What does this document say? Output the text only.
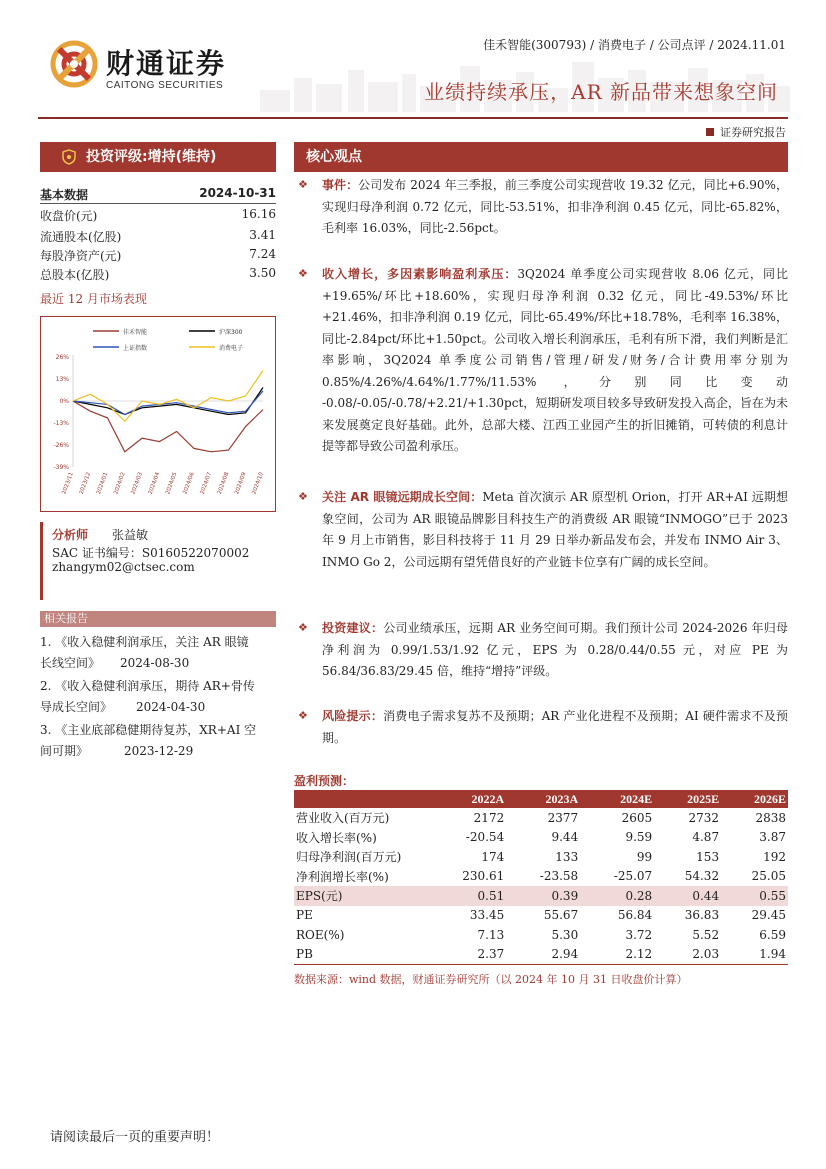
财通证券
CAITONG SECURITIES
佳禾智能(300793) / 消费电子 / 公司点评 / 2024.11.01
业绩持续承压，AR 新品带来想象空间
证券研究报告
投资评级:增持(维持)
基本数据	2024-10-31
收盘价(元)	16.16
流通股本(亿股)	3.41
每股净资产(元)	7.24
总股本(亿股)	3.50
最近 12 月市场表现
佳禾智能	沪深300
上证指数	消费电子
26%
13%
0%
-13%
-26%
-39%
2023/11 2023/12 2024/01 2024/02 2024/03 2024/04 2024/05 2024/06 2024/07 2024/08 2024/09 2024/10
分析师 张益敏
SAC 证书编号：S0160522070002
zhangym02@ctsec.com
相关报告
1. 《收入稳健利润承压，关注 AR 眼镜
长线空间》 2024-08-30
2. 《收入稳健利润承压，期待 AR+骨传
导成长空间》 2024-04-30
3. 《主业底部稳健期待复苏，XR+AI 空
间可期》	2023-12-29
核心观点
❖ 事件：公司发布 2024 年三季报，前三季度公司实现营收 19.32 亿元，同比+6.90%，实现归母净利润 0.72 亿元，同比-53.51%，扣非净利润 0.45 亿元，同比-65.82%，毛利率 16.03%，同比-2.56pct。
❖ 收入增长，多因素影响盈利承压：3Q2024 单季度公司实现营收 8.06 亿元，同比+19.65%/环比+18.60%，实现归母净利润 0.32 亿元，同比-49.53%/环比+21.46%，扣非净利润 0.19 亿元，同比-65.49%/环比+18.78%，毛利率 16.38%，同比-2.84pct/环比+1.50pct。公司收入增长利润承压，毛利有所下滑，我们判断是汇率影响，3Q2024 单季度公司销售/管理/研发/财务/合计费用率分别为 0.85%/4.26%/4.64%/1.77%/11.53% ，分别同比变动 -0.08/-0.05/-0.78/+2.21/+1.30pct，短期研发项目较多导致研发投入高企，旨在为未来发展奠定良好基础。此外，总部大楼、江西工业园产生的折旧摊销，可转债的利息计提等都导致公司盈利承压。
❖ 关注 AR 眼镜远期成长空间：Meta 首次演示 AR 原型机 Orion，打开 AR+AI 远期想象空间，公司为 AR 眼镜品牌影目科技生产的消费级 AR 眼镜“INMOGO”已于 2023 年 9 月上市销售，影目科技将于 11 月 29 日举办新品发布会，并发布 INMO Air 3、INMO Go 2，公司远期有望凭借良好的产业链卡位享有广阔的成长空间。
❖ 投资建议：公司业绩承压，远期 AR 业务空间可期。我们预计公司 2024-2026 年归母净利润为 0.99/1.53/1.92 亿元，EPS 为 0.28/0.44/0.55 元，对应 PE 为 56.84/36.83/29.45 倍，维持“增持”评级。
❖ 风险提示：消费电子需求复苏不及预期；AR 产业化进程不及预期；AI 硬件需求不及预期。
盈利预测：
	2022A	2023A	2024E	2025E	2026E
营业收入(百万元)	2172	2377	2605	2732	2838
收入增长率(%)	-20.54	9.44	9.59	4.87	3.87
归母净利润(百万元)	174	133	99	153	192
净利润增长率(%)	230.61	-23.58	-25.07	54.32	25.05
EPS(元)	0.51	0.39	0.28	0.44	0.55
PE	33.45	55.67	56.84	36.83	29.45
ROE(%)	7.13	5.30	3.72	5.52	6.59
PB	2.37	2.94	2.12	2.03	1.94
数据来源：wind 数据，财通证券研究所（以 2024 年 10 月 31 日收盘价计算）
请阅读最后一页的重要声明！
